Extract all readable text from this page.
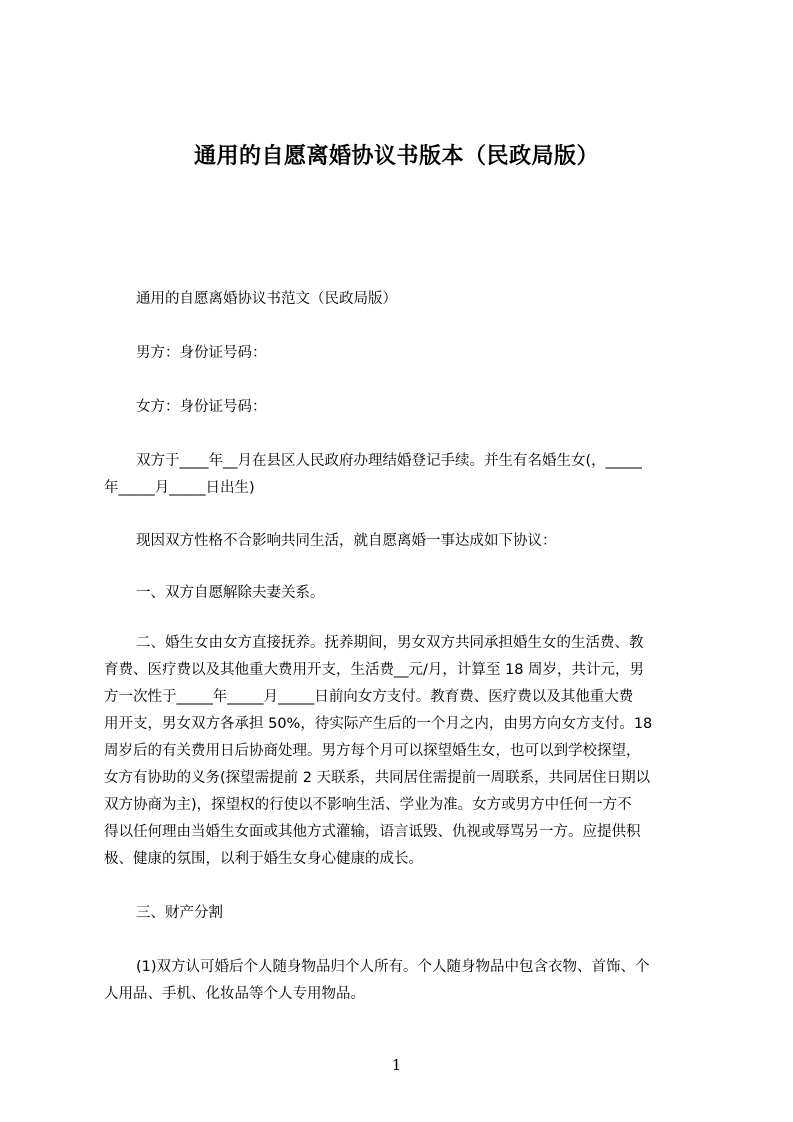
通用的自愿离婚协议书版本（民政局版）
通用的自愿离婚协议书范文（民政局版）
男方：身份证号码：
女方：身份证号码：
双方于____年__月在县区人民政府办理结婚登记手续。并生有名婚生女(，_____
年_____月_____日出生)
现因双方性格不合影响共同生活，就自愿离婚一事达成如下协议：
一、双方自愿解除夫妻关系。
二、婚生女由女方直接抚养。抚养期间，男女双方共同承担婚生女的生活费、教
育费、医疗费以及其他重大费用开支，生活费__元/月，计算至 18 周岁，共计元，男
方一次性于_____年_____月_____日前向女方支付。教育费、医疗费以及其他重大费
用开支，男女双方各承担 50%，待实际产生后的一个月之内，由男方向女方支付。18
周岁后的有关费用日后协商处理。男方每个月可以探望婚生女，也可以到学校探望，
女方有协助的义务(探望需提前 2 天联系，共同居住需提前一周联系，共同居住日期以
双方协商为主)，探望权的行使以不影响生活、学业为准。女方或男方中任何一方不
得以任何理由当婚生女面或其他方式灌输，语言诋毁、仇视或辱骂另一方。应提供积
极、健康的氛围，以利于婚生女身心健康的成长。
三、财产分割
(1)双方认可婚后个人随身物品归个人所有。个人随身物品中包含衣物、首饰、个
人用品、手机、化妆品等个人专用物品。
1
